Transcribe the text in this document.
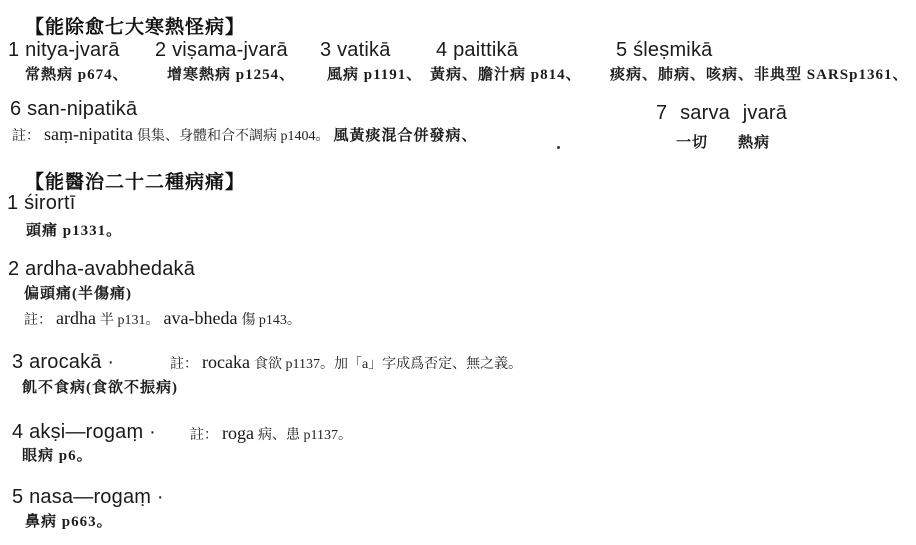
【能除愈七大寒熱怪病】
1 nitya-jvarā 2 viṣama-jvarā 3 vatikā 4 paittikā	5 śleṣmikā
常熱病 p674、	增寒熱病 p1254、 風病 p1191、 黃病、膽汁病 p814、 痰病、肺病、咳病、非典型 SARSp1361、
6 san-nipatikā
註： saṃ-nipatita 俱集、身體和合不調病 p1404。 風黃痰混合併發病、
7 sarva jvarā
一切 熱病
【能醫治二十二種病痛】
1 śirortī
頭痛 p1331。
2 ardha-avabhedakā
偏頭痛(半傷痛)
註： ardha 半 p131。 ava-bheda 傷 p143。
3 arocakā ·	註： rocaka 食欲 p1137。加「a」字成爲否定、無之義。
飢不食病(食欲不振病)
4 akṣi—rogaṃ · 註： roga 病、患 p1137。
眼病 p6。
5 nasa—rogaṃ ·
鼻病 p663。
